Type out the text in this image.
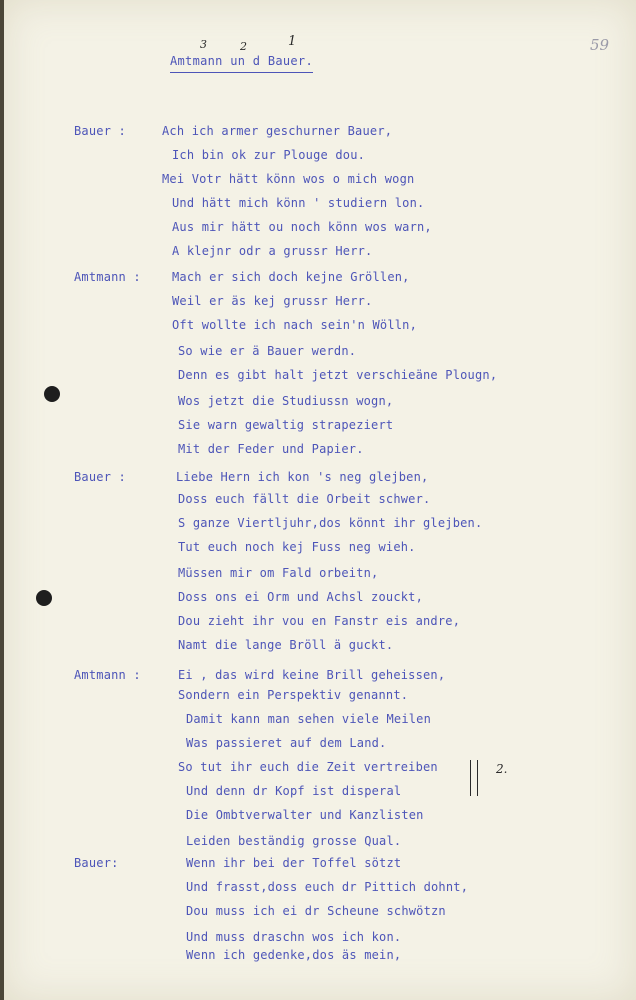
59
3	2	1
Amtmann un d Bauer.
Bauer :	Ach ich armer geschurner Bauer,
Ich bin ok zur Plouge dou.
Mei Votr hätt könn wos o mich wogn
Und hätt mich könn ' studiern lon.
Aus mir hätt ou noch könn wos warn,
A klejnr odr a grussr Herr.
Amtmann :	Mach er sich doch kejne Gröllen,
Weil er äs kej grussr Herr.
Oft wollte ich nach sein'n Wölln,
So wie er ä Bauer werdn.
Denn es gibt halt jetzt verschieäne Plougn,
Wos jetzt die Studiussn wogn,
Sie warn gewaltig strapeziert
Mit der Feder und Papier.
Bauer :	Liebe Hern ich kon 's neg glejben,
Doss euch fällt die Orbeit schwer.
S ganze Viertljuhr,dos könnt ihr glejben.
Tut euch noch kej Fuss neg wieh.
Müssen mir om Fald orbeitn,
Doss ons ei Orm und Achsl zouckt,
Dou zieht ihr vou en Fanstr eis andre,
Namt die lange Bröll ä guckt.
Amtmann :	Ei , das wird keine Brill geheissen,
Sondern ein Perspektiv genannt.
Damit kann man sehen viele Meilen
Was passieret auf dem Land.
So tut ihr euch die Zeit vertreiben
Und denn dr Kopf ist disperal
Die Ombtverwalter und Kanzlisten
Leiden beständig grosse Qual.
Bauer:	Wenn ihr bei der Toffel sötzt
Und frasst,doss euch dr Pittich dohnt,
Dou muss ich ei dr Scheune schwötzn
Und muss draschn wos ich kon.
Wenn ich gedenke,dos äs mein,
2.
